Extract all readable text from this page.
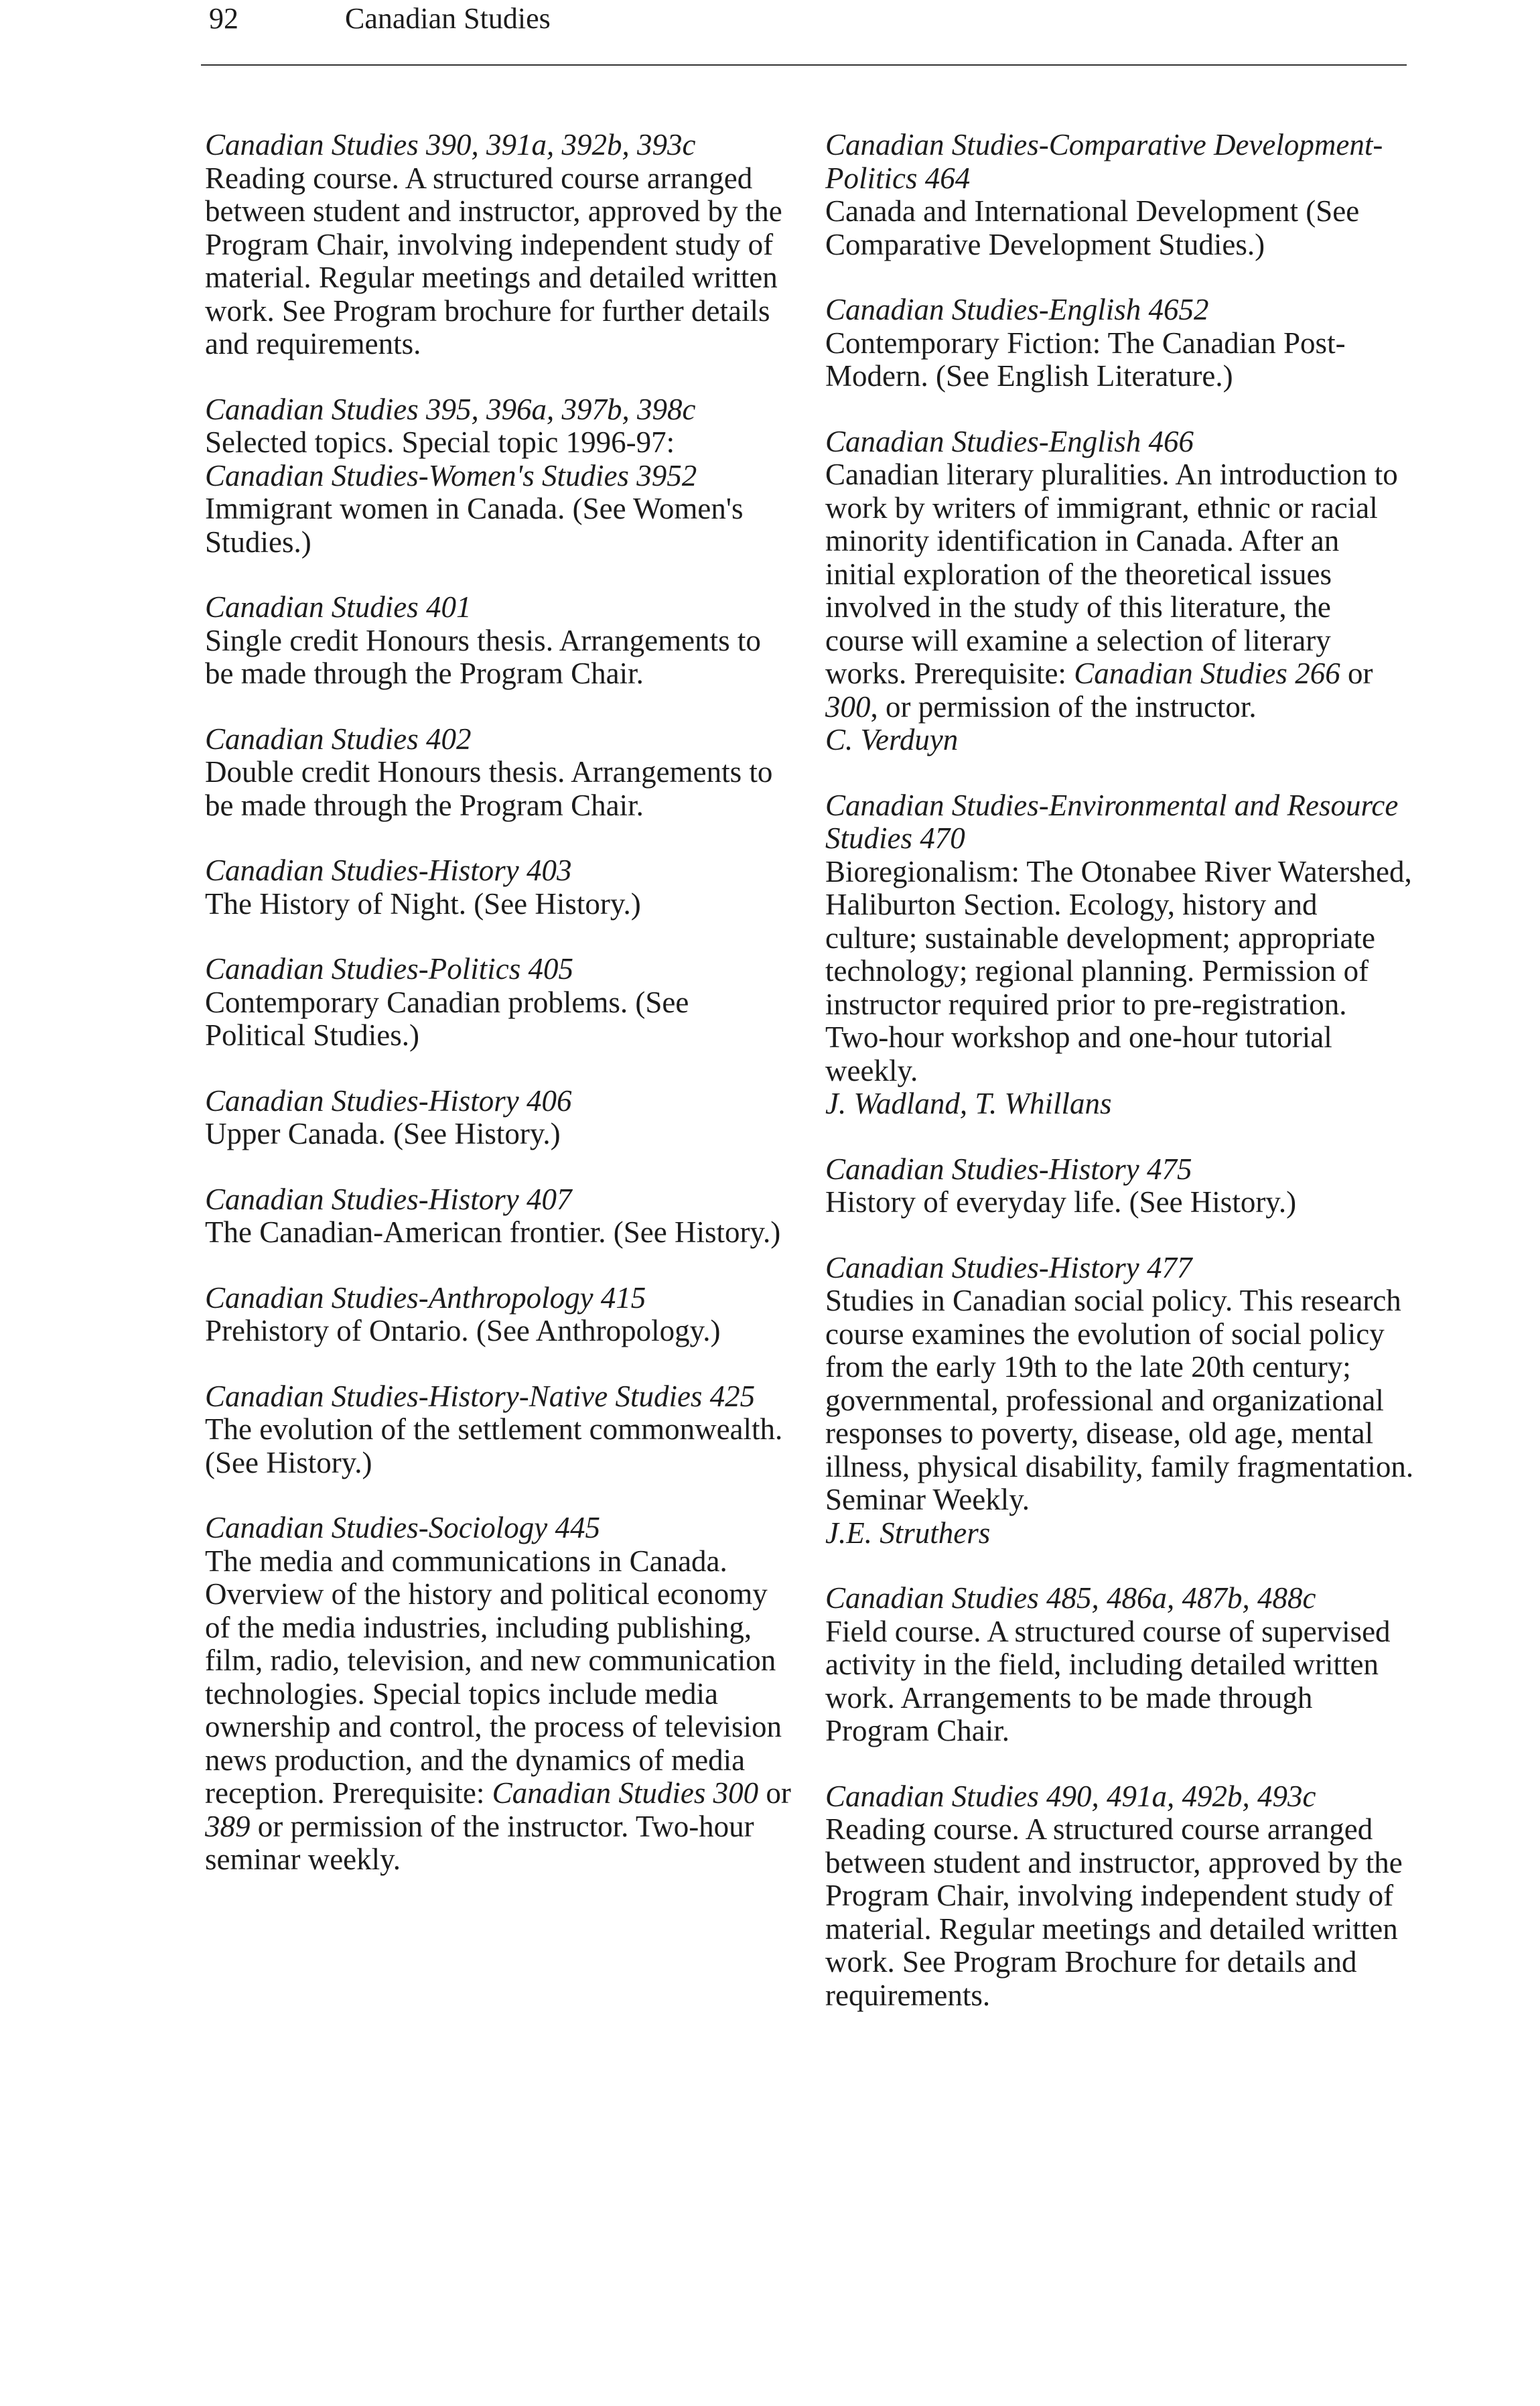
92	Canadian Studies

Canadian Studies 390, 391a, 392b, 393c

Reading course. A structured course arranged between student and instructor, approved by the Program Chair, involving independent study of material. Regular meetings and detailed written work. See Program brochure for further details and requirements.

Canadian Studies 395, 396a, 397b, 398c

Selected topics. Special topic 1996-97:

Canadian Studies-Women's Studies 3952

Immigrant women in Canada. (See Women's Studies.)

Canadian Studies 401

Single credit Honours thesis. Arrangements to be made through the Program Chair.

Canadian Studies 402

Double credit Honours thesis. Arrangements to be made through the Program Chair.

Canadian Studies-History 403

The History of Night. (See History.)

Canadian Studies-Politics 405

Contemporary Canadian problems. (See Political Studies.)

Canadian Studies-History 406

Upper Canada. (See History.)

Canadian Studies-History 407

The Canadian-American frontier. (See History.)

Canadian Studies-Anthropology 415

Prehistory of Ontario. (See Anthropology.)

Canadian Studies-History-Native Studies 425

The evolution of the settlement commonwealth. (See History.)

Canadian Studies-Sociology 445

The media and communications in Canada. Overview of the history and political economy of the media industries, including publishing, film, radio, television, and new communication technologies. Special topics include media ownership and control, the process of television news production, and the dynamics of media reception. Prerequisite: Canadian Studies 300 or 389 or permission of the instructor. Two-hour seminar weekly.

Canadian Studies-Comparative Development-Politics 464

Canada and International Development (See Comparative Development Studies.)

Canadian Studies-English 4652

Contemporary Fiction: The Canadian Post-Modern. (See English Literature.)

Canadian Studies-English 466

Canadian literary pluralities. An introduction to work by writers of immigrant, ethnic or racial minority identification in Canada. After an initial exploration of the theoretical issues involved in the study of this literature, the course will examine a selection of literary works. Prerequisite: Canadian Studies 266 or 300, or permission of the instructor.

C. Verduyn

Canadian Studies-Environmental and Resource Studies 470

Bioregionalism: The Otonabee River Watershed, Haliburton Section. Ecology, history and culture; sustainable development; appropriate technology; regional planning. Permission of instructor required prior to pre-registration. Two-hour workshop and one-hour tutorial weekly.

J. Wadland, T. Whillans

Canadian Studies-History 475

History of everyday life. (See History.)

Canadian Studies-History 477

Studies in Canadian social policy. This research course examines the evolution of social policy from the early 19th to the late 20th century; governmental, professional and organizational responses to poverty, disease, old age, mental illness, physical disability, family fragmentation. Seminar Weekly.

J.E. Struthers

Canadian Studies 485, 486a, 487b, 488c

Field course. A structured course of supervised activity in the field, including detailed written work. Arrangements to be made through Program Chair.

Canadian Studies 490, 491a, 492b, 493c

Reading course. A structured course arranged between student and instructor, approved by the Program Chair, involving independent study of material. Regular meetings and detailed written work. See Program Brochure for details and requirements.
